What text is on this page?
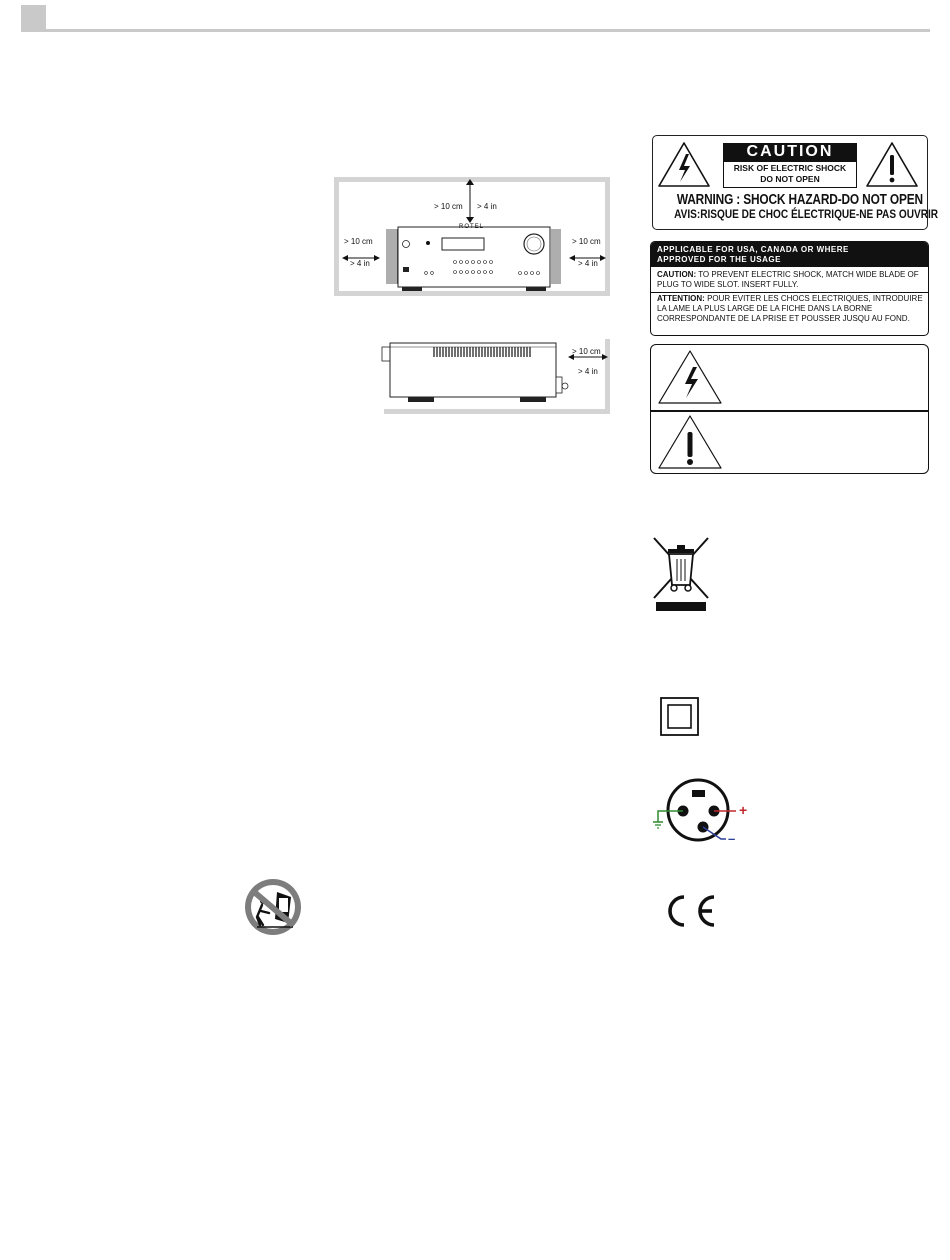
ROTEL
> 10 cm > 4 in
> 10 cm
> 4 in
> 10 cm
> 4 in
> 10 cm
> 4 in
CAUTION
RISK OF ELECTRIC SHOCK
DO NOT OPEN
WARNING : SHOCK HAZARD-DO NOT OPEN
AVIS:RISQUE DE CHOC ÉLECTRIQUE-NE PAS OUVRIR
APPLICABLE FOR USA, CANADA OR WHERE
APPROVED FOR THE USAGE
CAUTION: TO PREVENT ELECTRIC SHOCK, MATCH WIDE BLADE OF PLUG TO WIDE SLOT. INSERT FULLY.
ATTENTION: POUR EVITER LES CHOCS ELECTRIQUES, INTRODUIRE LA LAME LA PLUS LARGE DE LA FICHE DANS LA BORNE CORRESPONDANTE DE LA PRISE ET POUSSER JUSQU AU FOND.
+
–
